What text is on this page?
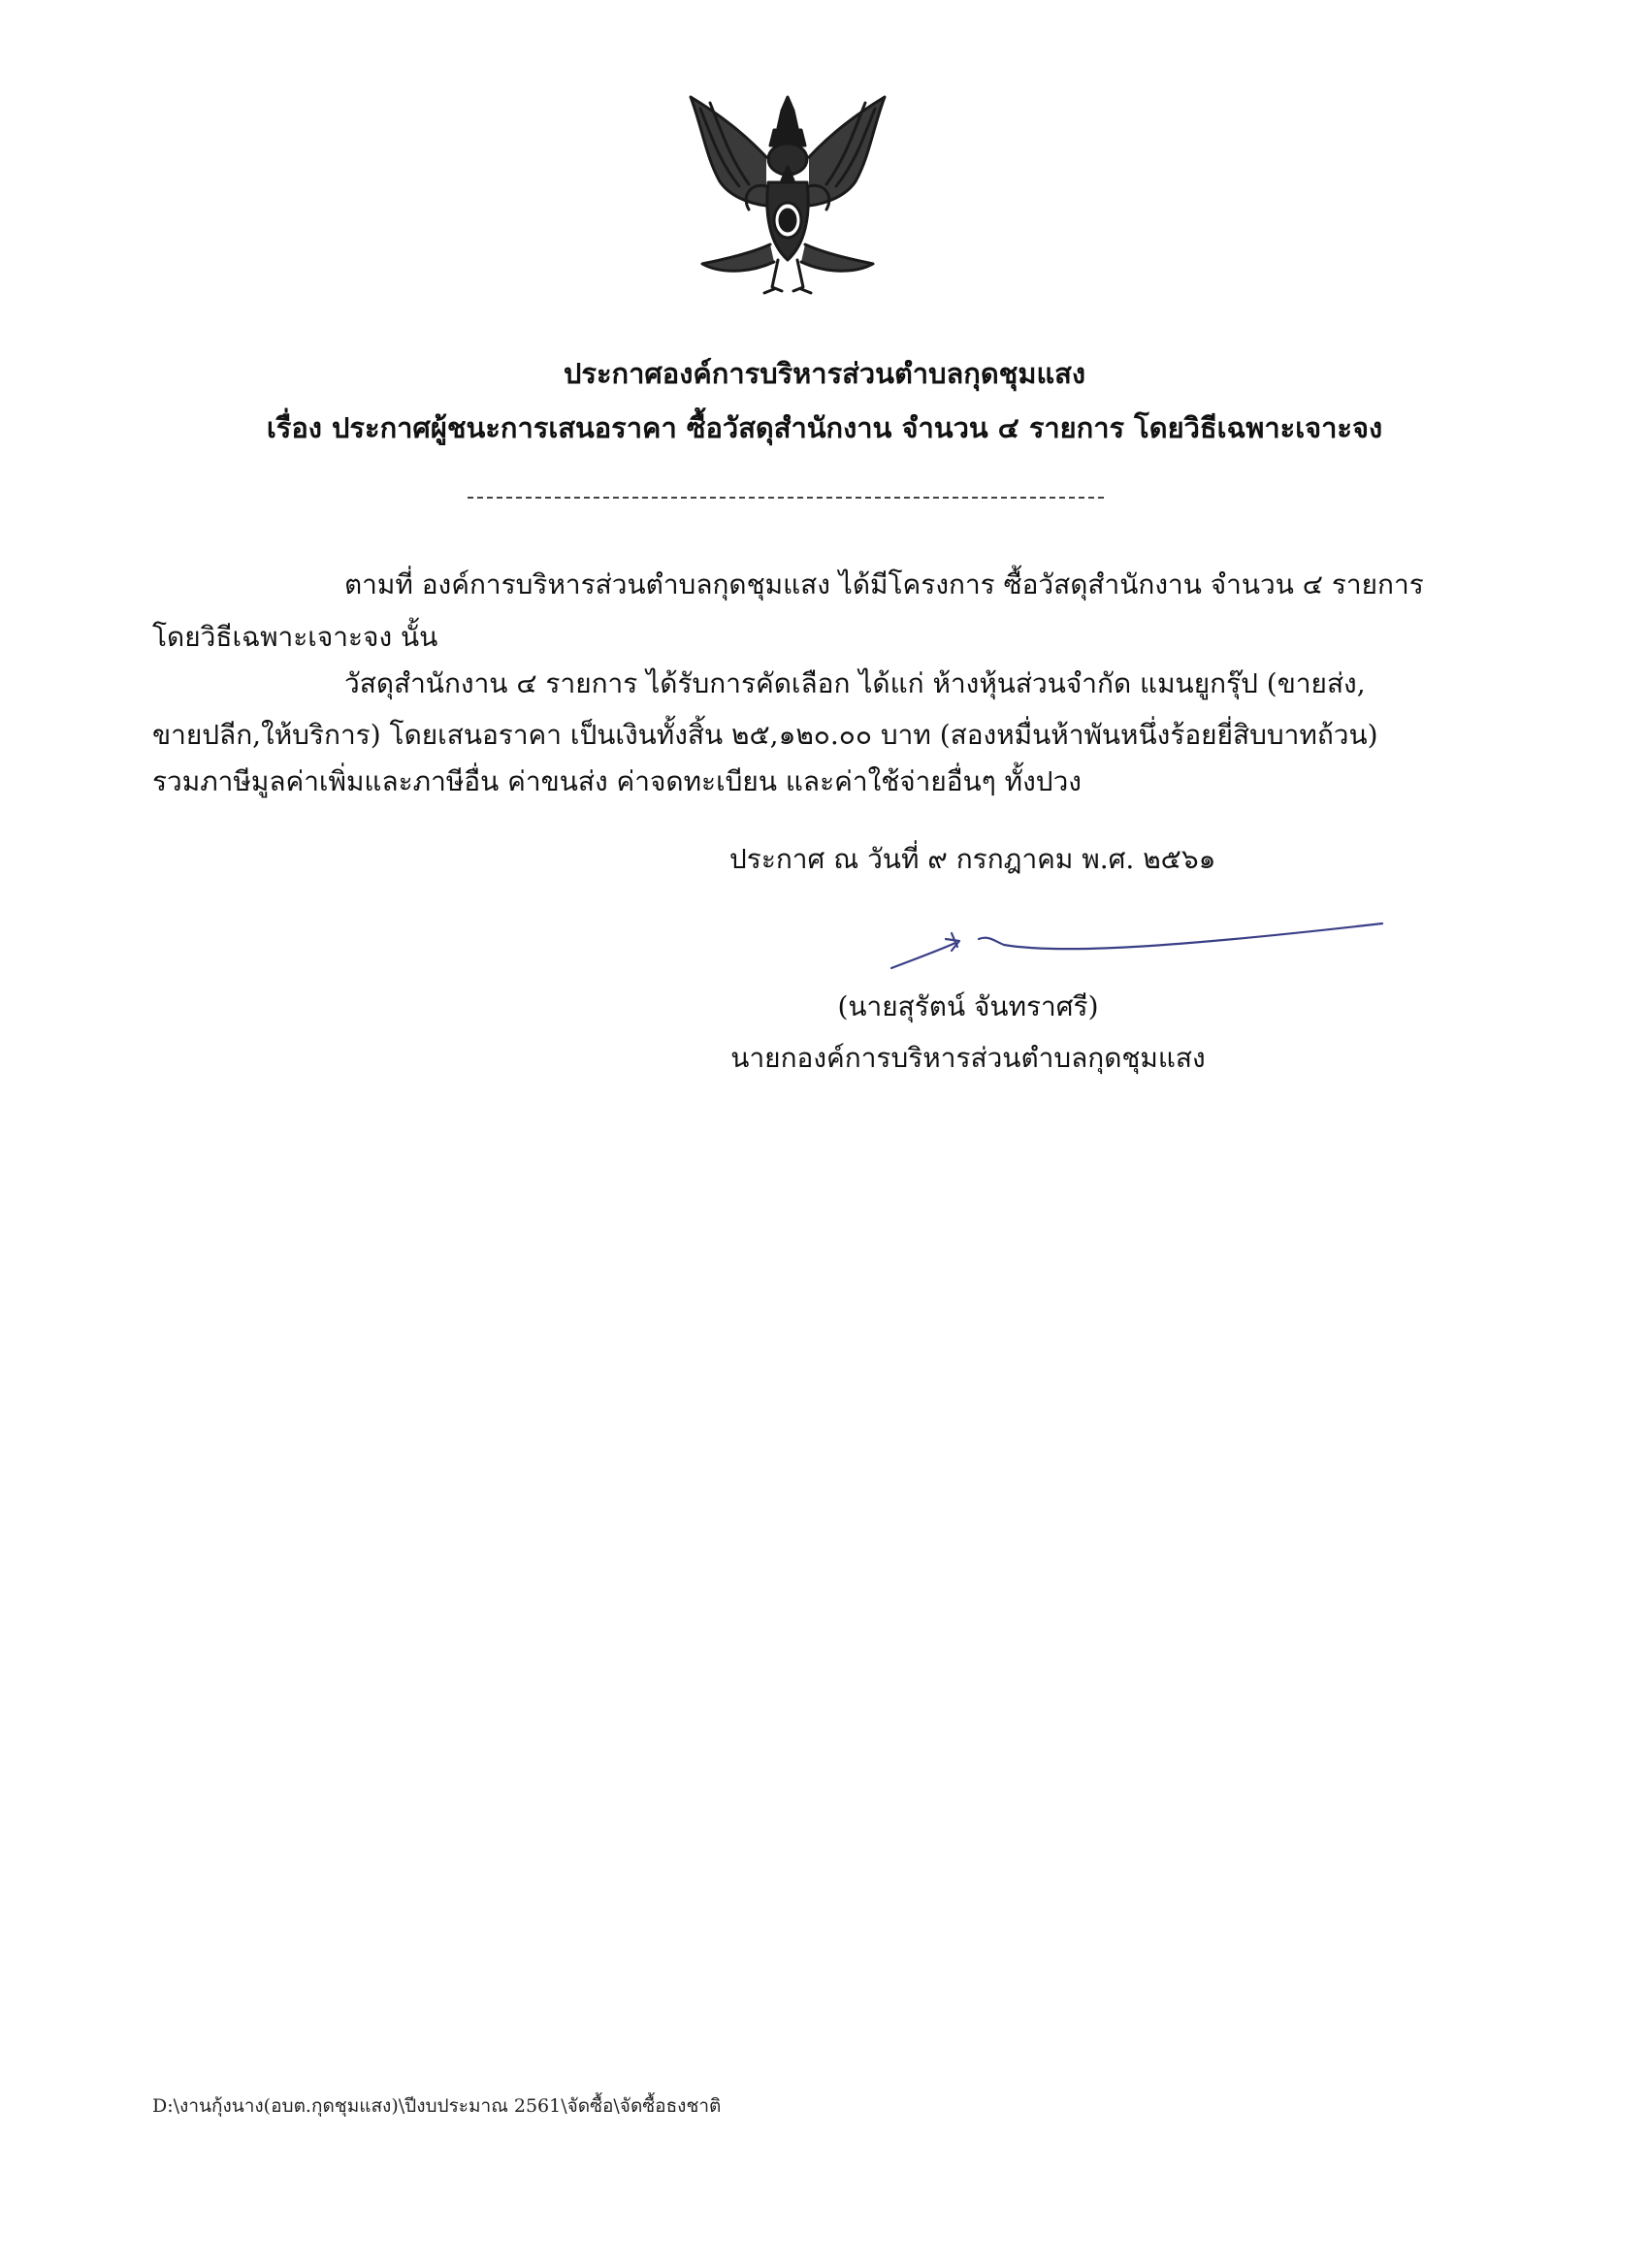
ประกาศองค์การบริหารส่วนตำบลกุดชุมแสง
เรื่อง ประกาศผู้ชนะการเสนอราคา ซื้อวัสดุสำนักงาน จำนวน ๔ รายการ โดยวิธีเฉพาะเจาะจง
ตามที่ องค์การบริหารส่วนตำบลกุดชุมแสง ได้มีโครงการ ซื้อวัสดุสำนักงาน จำนวน ๔ รายการ
โดยวิธีเฉพาะเจาะจง นั้น
วัสดุสำนักงาน ๔ รายการ ได้รับการคัดเลือก ได้แก่ ห้างหุ้นส่วนจำกัด แมนยูกรุ๊ป (ขายส่ง,
ขายปลีก,ให้บริการ) โดยเสนอราคา เป็นเงินทั้งสิ้น ๒๕,๑๒๐.๐๐ บาท (สองหมื่นห้าพันหนึ่งร้อยยี่สิบบาทถ้วน)
รวมภาษีมูลค่าเพิ่มและภาษีอื่น ค่าขนส่ง ค่าจดทะเบียน และค่าใช้จ่ายอื่นๆ ทั้งปวง
ประกาศ ณ วันที่ ๙ กรกฎาคม พ.ศ. ๒๕๖๑
(นายสุรัตน์ จันทราศรี)
นายกองค์การบริหารส่วนตำบลกุดชุมแสง
D:\งานกุ้งนาง(อบต.กุดชุมแสง)\ปีงบประมาณ 2561\จัดซื้อ\จัดซื้อธงชาติ
